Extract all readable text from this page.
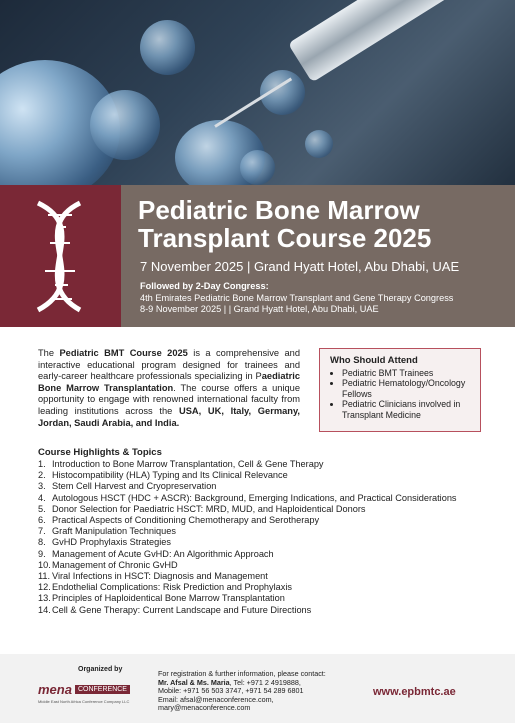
Pediatric Bone Marrow
Transplant Course 2025
7 November 2025 | Grand Hyatt Hotel, Abu Dhabi, UAE
Followed by 2-Day Congress:
4th Emirates Pediatric Bone Marrow Transplant and Gene Therapy Congress
8-9 November 2025 | | Grand Hyatt Hotel, Abu Dhabi, UAE
The Pediatric BMT Course 2025 is a comprehensive and interactive educational program designed for trainees and early-career healthcare professionals specializing in Paediatric Bone Marrow Transplantation. The course offers a unique opportunity to engage with renowned international faculty from leading institutions across the USA, UK, Italy, Germany, Jordan, Saudi Arabia, and India.
Who Should Attend
• Pediatric BMT Trainees
• Pediatric Hematology/Oncology Fellows
• Pediatric Clinicians involved in Transplant Medicine
Course Highlights & Topics
1. Introduction to Bone Marrow Transplantation, Cell & Gene Therapy
2. Histocompatibility (HLA) Typing and Its Clinical Relevance
3. Stem Cell Harvest and Cryopreservation
4. Autologous HSCT (HDC + ASCR): Background, Emerging Indications, and Practical Considerations
5. Donor Selection for Paediatric HSCT: MRD, MUD, and Haploidentical Donors
6. Practical Aspects of Conditioning Chemotherapy and Serotherapy
7. Graft Manipulation Techniques
8. GvHD Prophylaxis Strategies
9. Management of Acute GvHD: An Algorithmic Approach
10.Management of Chronic GvHD
11. Viral Infections in HSCT: Diagnosis and Management
12.Endothelial Complications: Risk Prediction and Prophylaxis
13.Principles of Haploidentical Bone Marrow Transplantation
14.Cell & Gene Therapy: Current Landscape and Future Directions
Organized by
mena CONFERENCE
Middle East North Africa Conference Company LLC
For registration & further information, please contact:
Mr. Afsal & Ms. Maria, Tel: +971 2 4919888,
Mobile: +971 56 503 3747, +971 54 289 6801
Email: afsal@menaconference.com,
mary@menaconference.com
www.epbmtc.ae
